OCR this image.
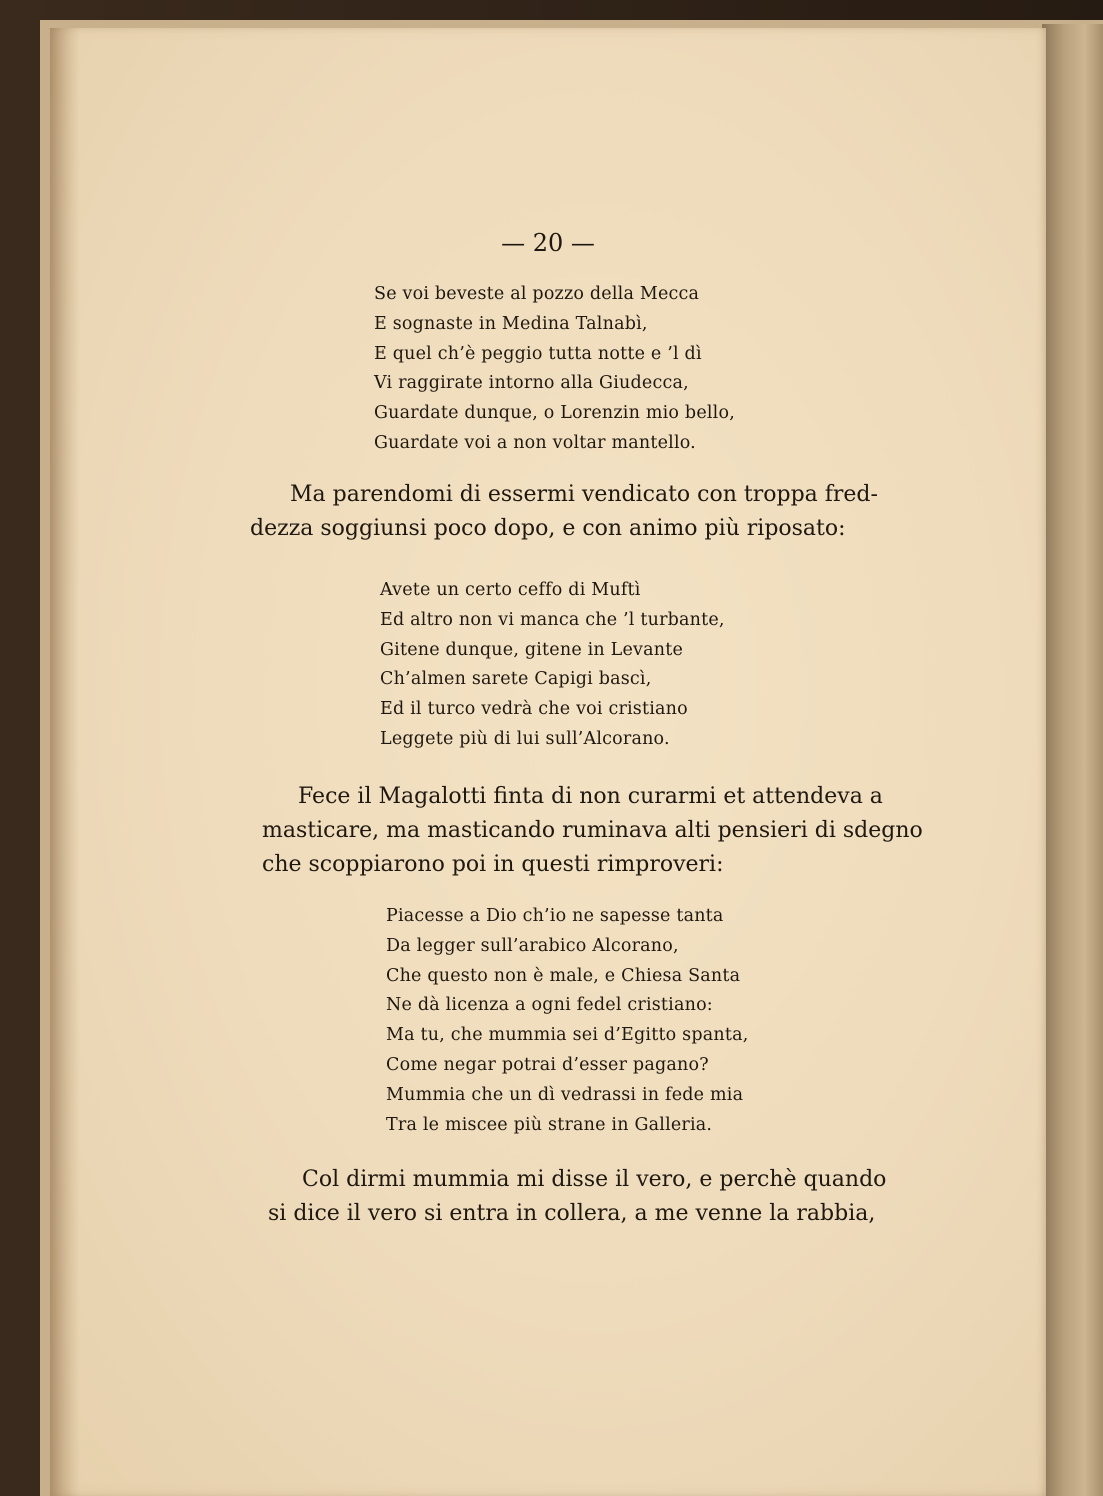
— 20 —
Se voi beveste al pozzo della Mecca
E sognaste in Medina Talnabì,
E quel ch’è peggio tutta notte e ’l dì
Vi raggirate intorno alla Giudecca,
Guardate dunque, o Lorenzin mio bello,
Guardate voi a non voltar mantello.
Ma parendomi di essermi vendicato con troppa fred-
dezza soggiunsi poco dopo, e con animo più riposato:
Avete un certo ceffo di Muftì
Ed altro non vi manca che ’l turbante,
Gitene dunque, gitene in Levante
Ch’almen sarete Capigi bascì,
Ed il turco vedrà che voi cristiano
Leggete più di lui sull’Alcorano.
Fece il Magalotti finta di non curarmi et attendeva a
masticare, ma masticando ruminava alti pensieri di sdegno
che scoppiarono poi in questi rimproveri:
Piacesse a Dio ch’io ne sapesse tanta
Da legger sull’arabico Alcorano,
Che questo non è male, e Chiesa Santa
Ne dà licenza a ogni fedel cristiano:
Ma tu, che mummia sei d’Egitto spanta,
Come negar potrai d’esser pagano?
Mummia che un dì vedrassi in fede mia
Tra le miscee più strane in Galleria.
Col dirmi mummia mi disse il vero, e perchè quando
si dice il vero si entra in collera, a me venne la rabbia,
